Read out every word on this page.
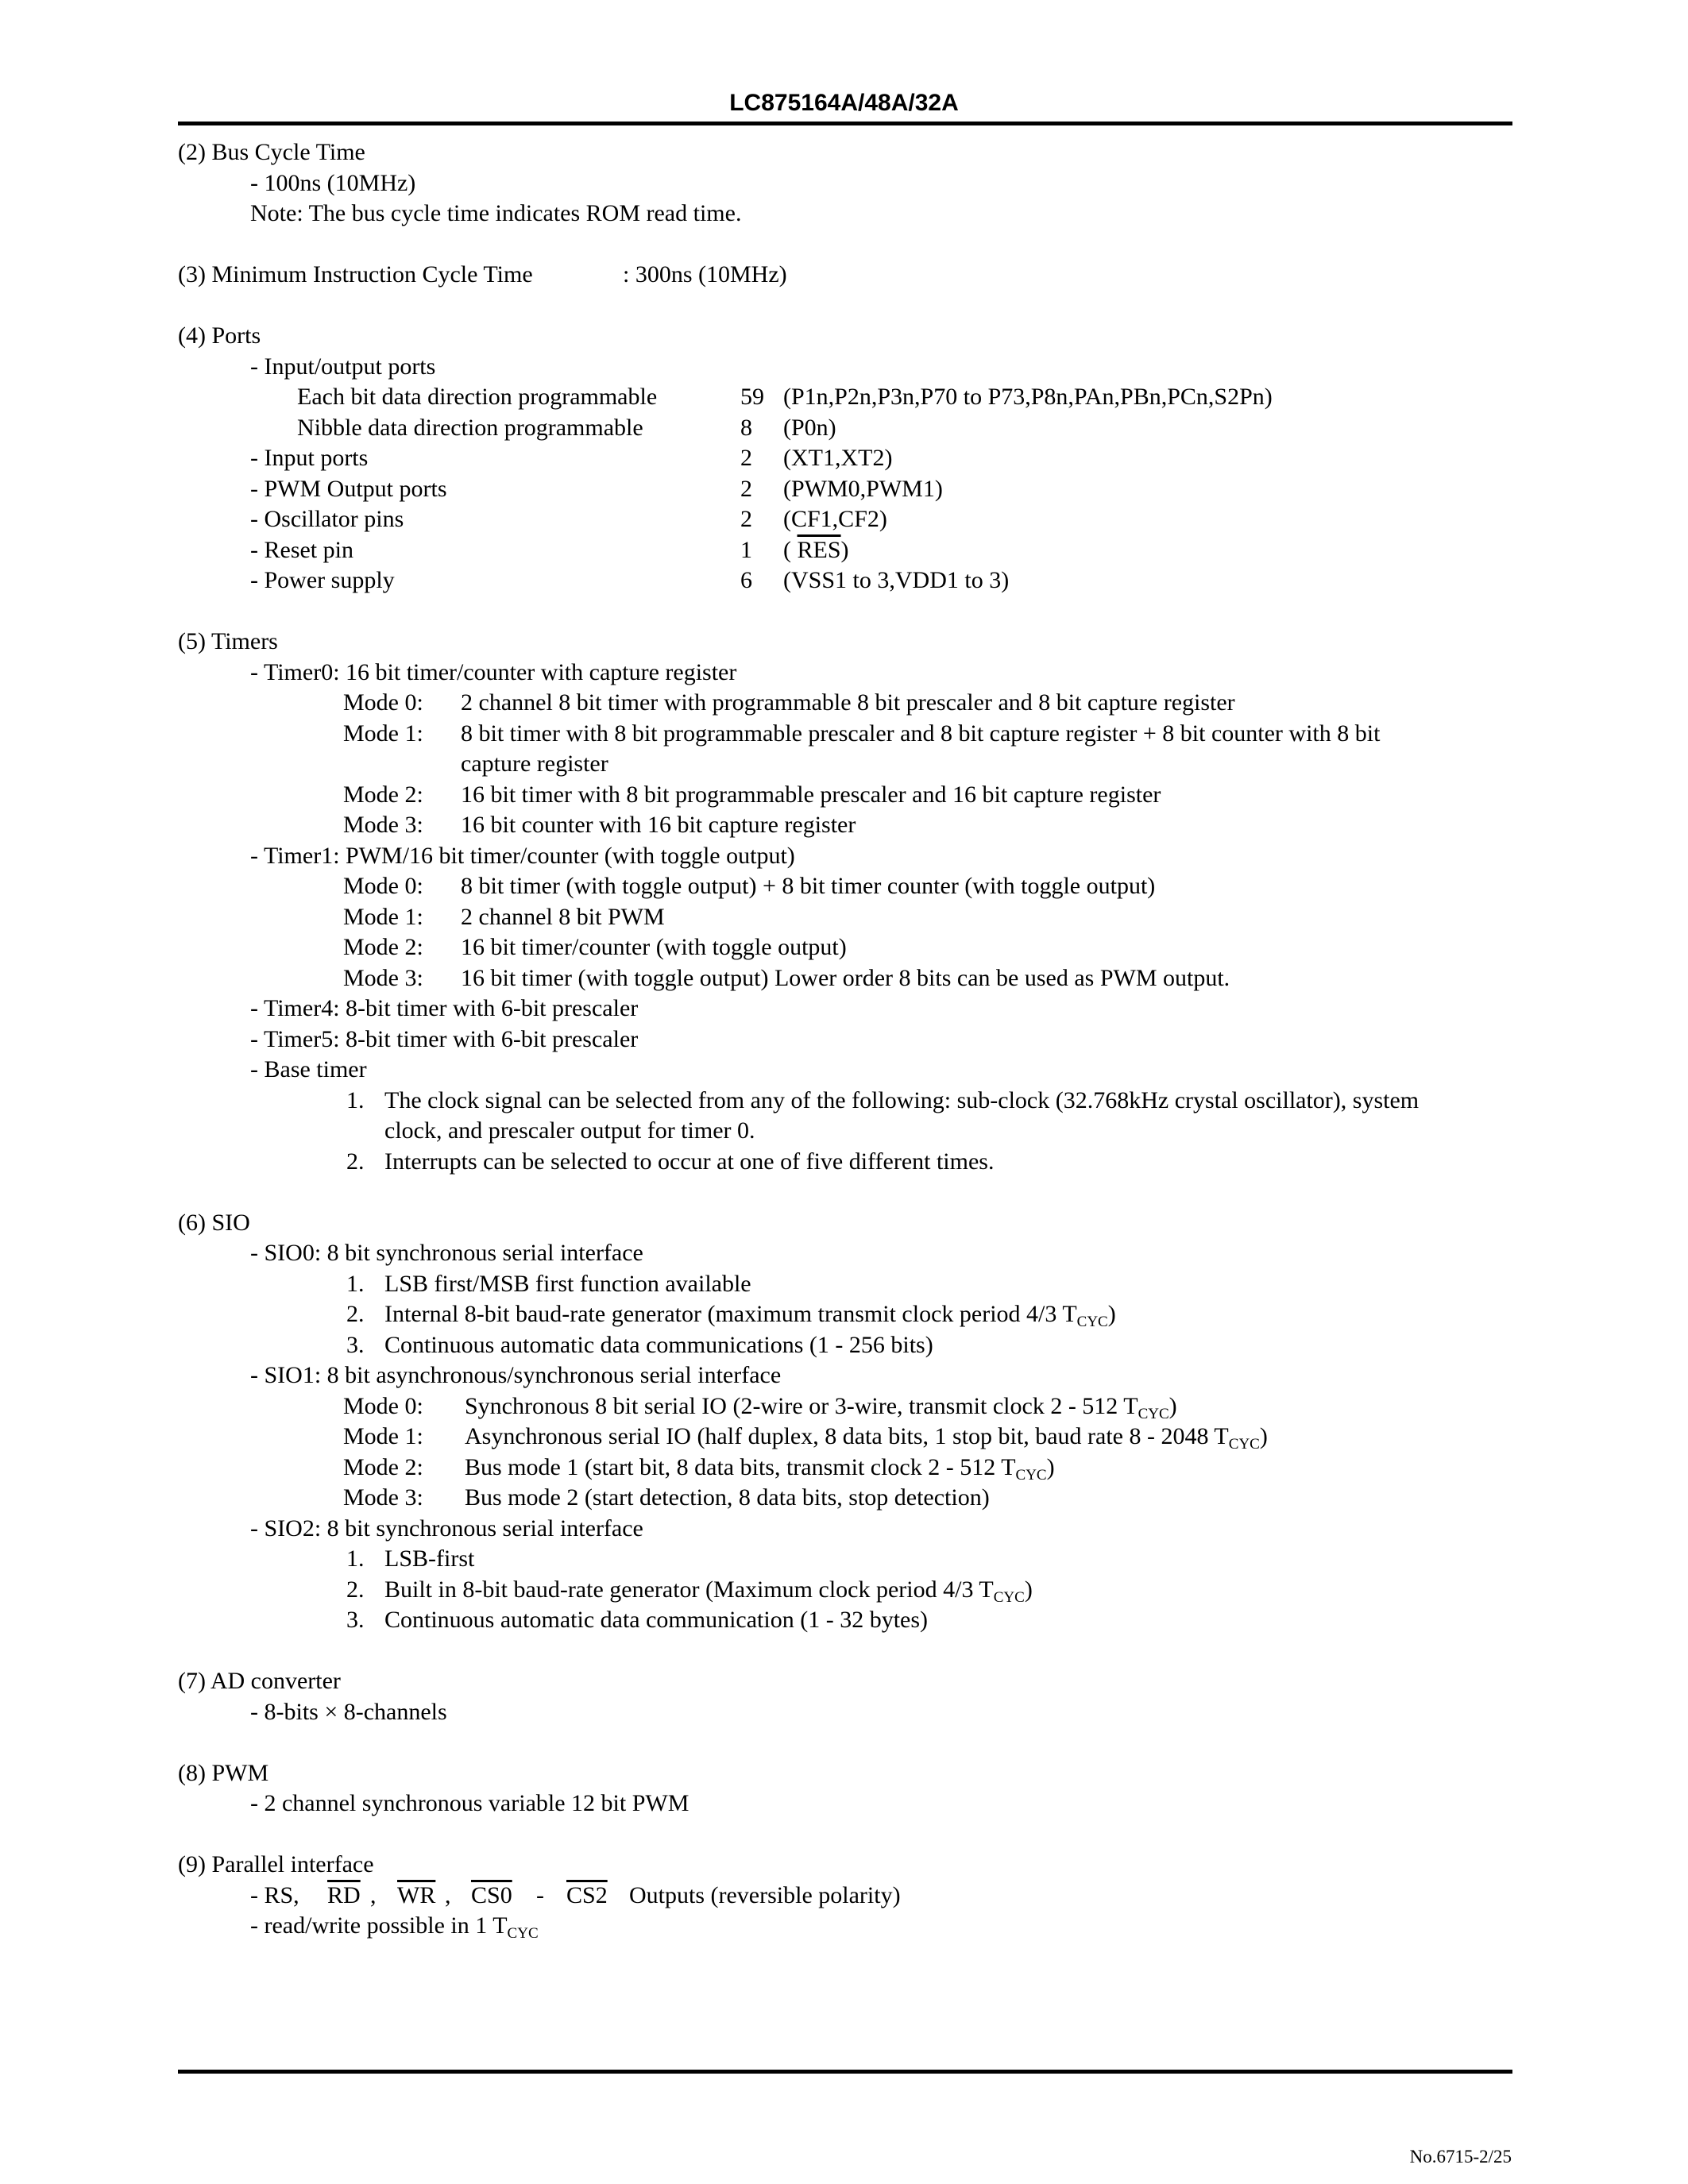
LC875164A/48A/32A
(2) Bus Cycle Time
- 100ns (10MHz)
Note: The bus cycle time indicates ROM read time.
(3) Minimum Instruction Cycle Time	: 300ns (10MHz)
(4) Ports
- Input/output ports
Each bit data direction programmable	59 (P1n,P2n,P3n,P70 to P73,P8n,PAn,PBn,PCn,S2Pn)
Nibble data direction programmable	8 (P0n)
- Input ports	2 (XT1,XT2)
- PWM Output ports	2 (PWM0,PWM1)
- Oscillator pins	2 (CF1,CF2)
- Reset pin	1 ( $\overline{RES}$)
- Power supply	6 (VSS1 to 3,VDD1 to 3)
(5) Timers
- Timer0: 16 bit timer/counter with capture register
Mode 0: 2 channel 8 bit timer with programmable 8 bit prescaler and 8 bit capture register
Mode 1: 8 bit timer with 8 bit programmable prescaler and 8 bit capture register + 8 bit counter with 8 bit
capture register
Mode 2: 16 bit timer with 8 bit programmable prescaler and 16 bit capture register
Mode 3: 16 bit counter with 16 bit capture register
- Timer1: PWM/16 bit timer/counter (with toggle output)
Mode 0: 8 bit timer (with toggle output) + 8 bit timer counter (with toggle output)
Mode 1: 2 channel 8 bit PWM
Mode 2: 16 bit timer/counter (with toggle output)
Mode 3: 16 bit timer (with toggle output) Lower order 8 bits can be used as PWM output.
- Timer4: 8-bit timer with 6-bit prescaler
- Timer5: 8-bit timer with 6-bit prescaler
- Base timer
1. The clock signal can be selected from any of the following: sub-clock (32.768kHz crystal oscillator), system
clock, and prescaler output for timer 0.
2. Interrupts can be selected to occur at one of five different times.
(6) SIO
- SIO0: 8 bit synchronous serial interface
1. LSB first/MSB first function available
2. Internal 8-bit baud-rate generator (maximum transmit clock period 4/3 $T_{CYC}$)
3. Continuous automatic data communications (1 - 256 bits)
- SIO1: 8 bit asynchronous/synchronous serial interface
Mode 0: Synchronous 8 bit serial IO (2-wire or 3-wire, transmit clock 2 - 512 $T_{CYC}$)
Mode 1: Asynchronous serial IO (half duplex, 8 data bits, 1 stop bit, baud rate 8 - 2048 $T_{CYC}$)
Mode 2: Bus mode 1 (start bit, 8 data bits, transmit clock 2 - 512 $T_{CYC}$)
Mode 3: Bus mode 2 (start detection, 8 data bits, stop detection)
- SIO2: 8 bit synchronous serial interface
1. LSB-first
2. Built in 8-bit baud-rate generator (Maximum clock period 4/3 $T_{CYC}$)
3. Continuous automatic data communication (1 - 32 bytes)
(7) AD converter
- 8-bits × 8-channels
(8) PWM
- 2 channel synchronous variable 12 bit PWM
(9) Parallel interface
- RS, $\overline{RD}$ , $\overline{WR}$ , CS0 - CS2 Outputs (reversible polarity)
- read/write possible in 1 $T_{CYC}$
No.6715-2/25
